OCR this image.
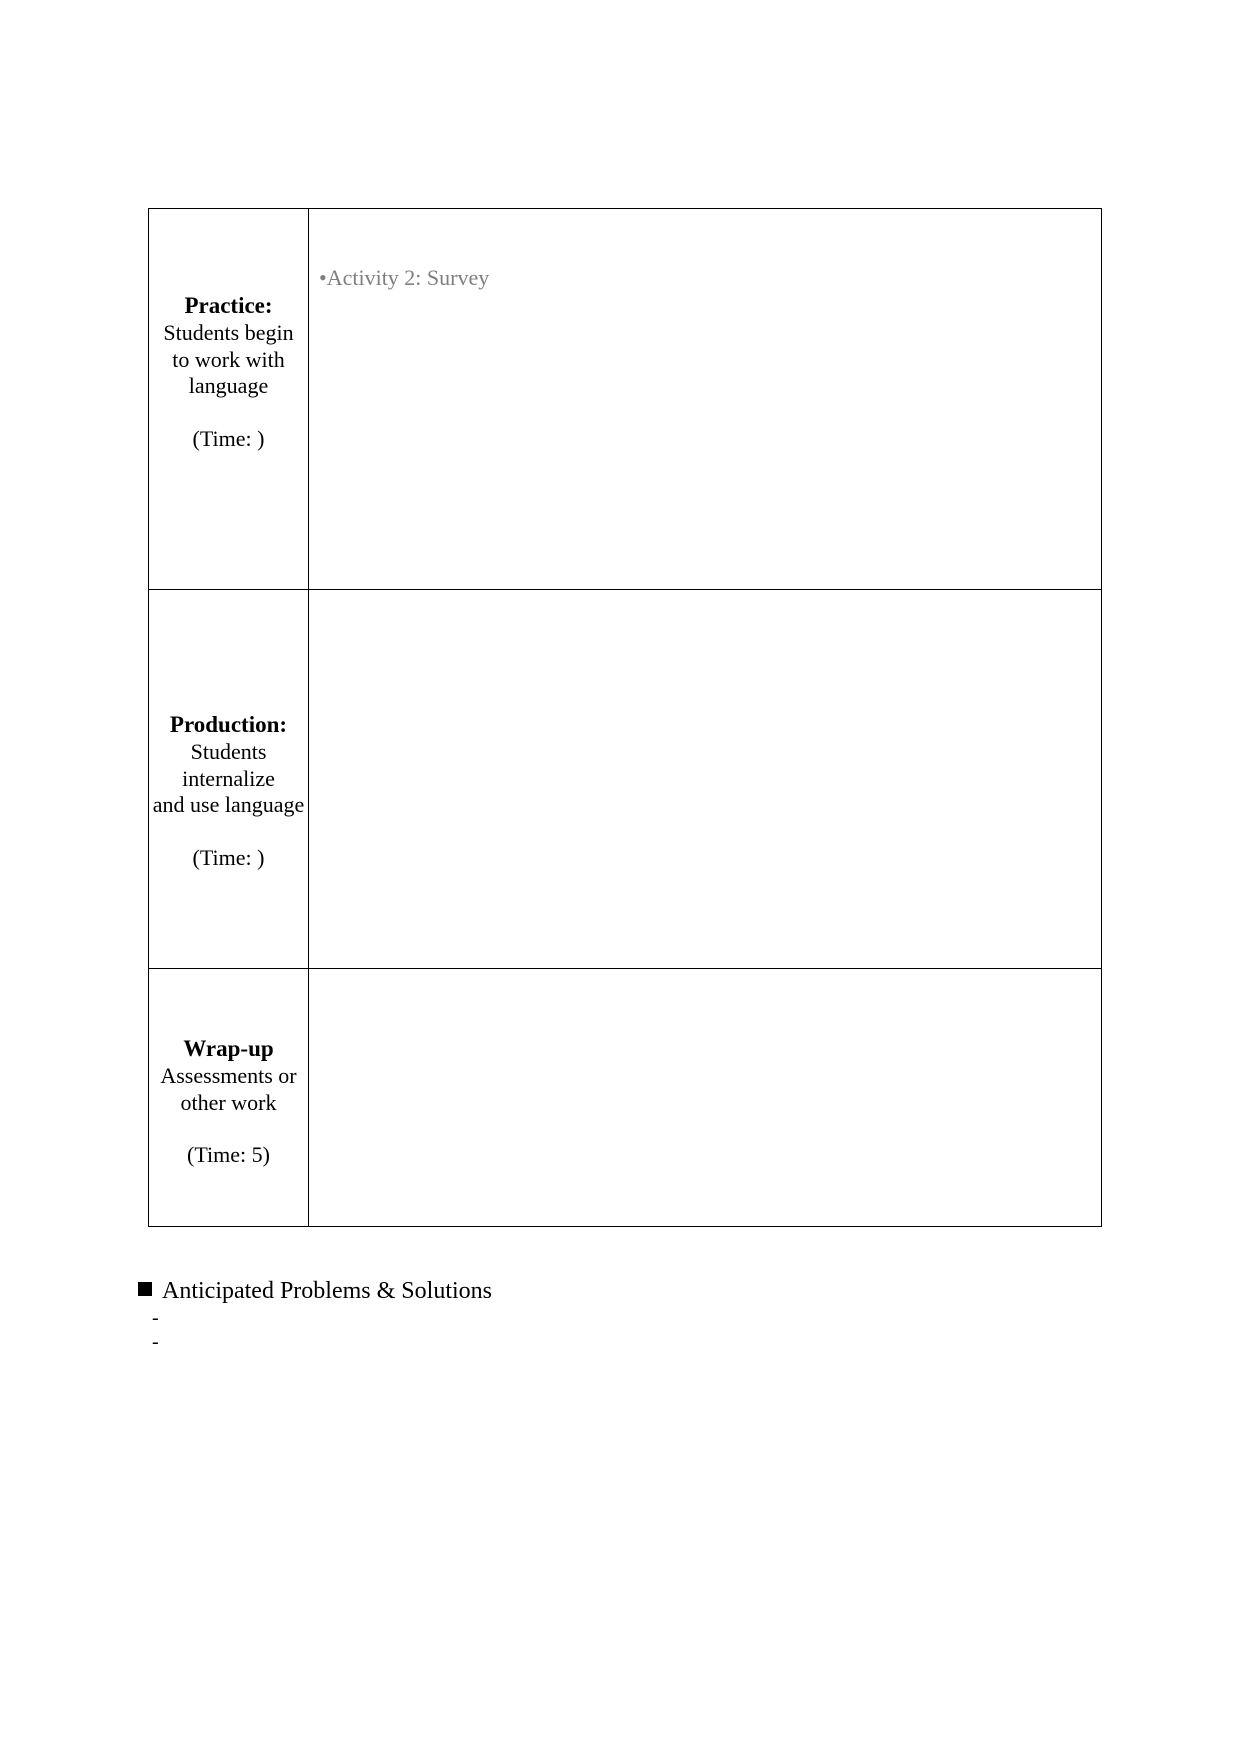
Practice:
Students begin
to work with
language
(Time: )	•Activity 2: Survey

Production:
Students
internalize
and use language
(Time: )	

Wrap-up
Assessments or
other work
(Time: 5)	

Anticipated Problems & Solutions
-
-
